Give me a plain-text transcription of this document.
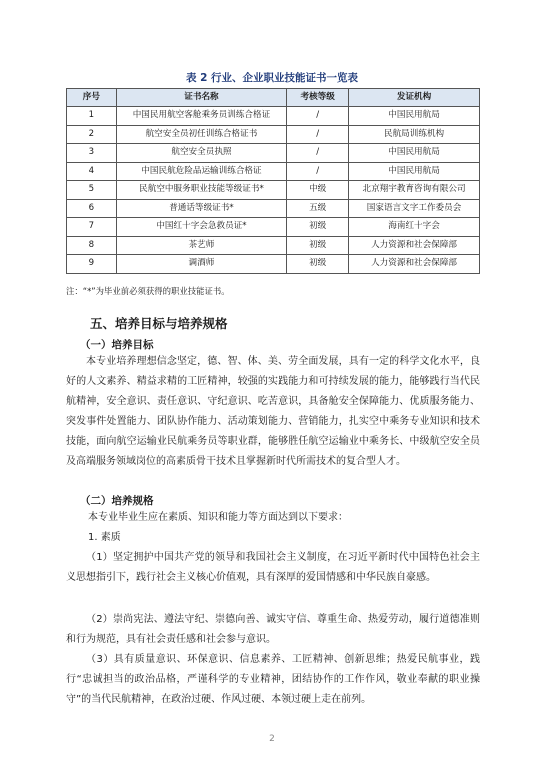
表 2 行业、企业职业技能证书一览表
序号	证书名称	考核等级	发证机构
1	中国民用航空客舱乘务员训练合格证	/	中国民用航局
2	航空安全员初任训练合格证书	/	民航局训练机构
3	航空安全员执照	/	中国民用航局
4	中国民航危险品运输训练合格证	/	中国民用航局
5	民航空中服务职业技能等级证书*	中级	北京翔宇教育咨询有限公司
6	普通话等级证书*	五级	国家语言文字工作委员会
7	中国红十字会急救员证*	初级	海南红十字会
8	茶艺师	初级	人力资源和社会保障部
9	调酒师	初级	人力资源和社会保障部
注：“*”为毕业前必须获得的职业技能证书。
五、培养目标与培养规格
（一）培养目标

本专业培养理想信念坚定，德、智、体、美、劳全面发展，具有一定的科学文化水平，良好的人文素养、精益求精的工匠精神，较强的实践能力和可持续发展的能力，能够践行当代民航精神，安全意识、责任意识、守纪意识、吃苦意识，具备舱安全保障能力、优质服务能力、突发事件处置能力、团队协作能力、活动策划能力、营销能力，扎实空中乘务专业知识和技术技能，面向航空运输业民航乘务员等职业群，能够胜任航空运输业中乘务长、中级航空安全员及高端服务领域岗位的高素质骨干技术且掌握新时代所需技术的复合型人才。

（二）培养规格

本专业毕业生应在素质、知识和能力等方面达到以下要求：

1. 素质

（1）坚定拥护中国共产党的领导和我国社会主义制度，在习近平新时代中国特色社会主义思想指引下，践行社会主义核心价值观，具有深厚的爱国情感和中华民族自豪感。

（2）崇尚宪法、遵法守纪、崇德向善、诚实守信、尊重生命、热爱劳动，履行道德准则和行为规范，具有社会责任感和社会参与意识。

（3）具有质量意识、环保意识、信息素养、工匠精神、创新思维；热爱民航事业，践行“忠诚担当的政治品格，严谨科学的专业精神，团结协作的工作作风，敬业奉献的职业操守”的当代民航精神，在政治过硬、作风过硬、本领过硬上走在前列。

2
